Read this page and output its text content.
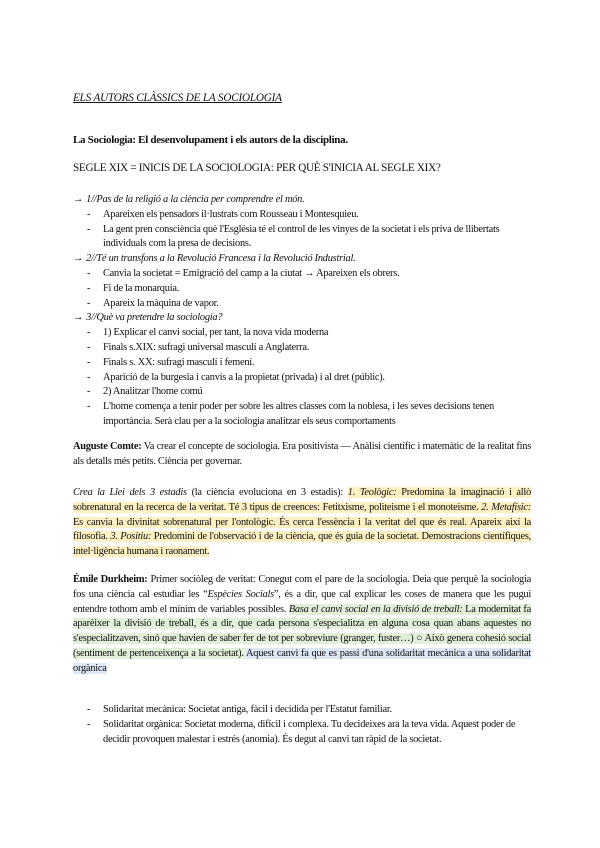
ELS AUTORS CLÀSSICS DE LA SOCIOLOGIA
La Sociologia: El desenvolupament i els autors de la disciplina.
SEGLE XIX = INICIS DE LA SOCIOLOGIA: PER QUÈ S'INICIA AL SEGLE XIX?
→ 1//Pas de la religió a la ciència per comprendre el món.
-	Apareixen els pensadors il·lustrats com Rousseau i Montesquieu.
-	La gent pren consciència què l'Església té el control de les vinyes de la societat i els priva de llibertats individuals com la presa de decisions.
→ 2//Té un transfons a la Revolució Francesa i la Revolució Industrial.
-	Canvia la societat = Emigració del camp a la ciutat → Apareixen els obrers.
-	Fi de la monarquia.
-	Apareix la màquina de vapor.
→ 3//Què va pretendre la sociologia?
-	1) Explicar el canvi social, per tant, la nova vida moderna
-	Finals s.XIX: sufragi universal masculí a Anglaterra.
-	Finals s. XX: sufragi masculí i femení.
-	Aparició de la burgesia i canvis a la propietat (privada) i al dret (públic).
-	2) Analitzar l'home comú
-	L'home comença a tenir poder per sobre les altres classes com la noblesa, i les seves decisions tenen importància. Serà clau per a la sociologia analitzar els seus comportaments
Auguste Comte: Va crear el concepte de sociologia. Era positivista — Anàlisi científic i matemàtic de la realitat fins als detalls més petits. Ciència per governar.
Crea la Llei dels 3 estadis (la ciència evoluciona en 3 estadis): 1. Teològic: Predomina la imaginació i allò sobrenatural en la recerca de la veritat. Té 3 tipus de creences: Fetitxisme, politeisme i el monoteisme. 2. Metafísic: Es canvia la divinitat sobrenatural per l'ontològic. És cerca l'essència i la veritat del que és real. Apareix així la filosofia. 3. Positiu: Predomini de l'observació i de la ciència, que és guia de la societat. Demostracions científiques, intel·ligència humana i raonament.
Émile Durkheim: Primer sociòleg de veritat: Conegut com el pare de la sociologia. Deia que perquè la sociologia fos una ciència cal estudiar les “Espècies Socials”, és a dir, que cal explicar les coses de manera que les pugui entendre tothom amb el mínim de variables possibles. Basa el canvi social en la divisió de treball: La modernitat fa aparèixer la divisió de treball, és a dir, que cada persona s'especialitza en alguna cosa quan abans aquestes no s'especialitzaven, sinó que havien de saber fer de tot per sobreviure (granger, fuster…) ○ Això genera cohesió social (sentiment de pertenceixença a la societat). Aquest canvi fa que es passi d'una solidaritat mecànica a una solidaritat orgànica
-	Solidaritat mecànica: Societat antiga, fàcil i decidida per l'Estatut familiar.
-	Solidaritat orgànica: Societat moderna, difícil i complexa. Tu decideixes ara la teva vida. Aquest poder de decidir provoquen malestar i estrés (anomia). És degut al canvi tan ràpid de la societat.
